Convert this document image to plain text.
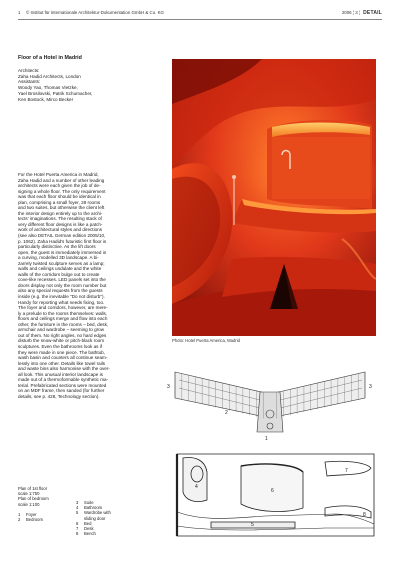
1 © Institut für internationale Architektur-Dokumentation GmbH & Co. KG	2006 ¦ 3 ¦ DETAIL
Floor of a Hotel in Madrid
Architects:
Zaha Hadid Architects, London
Assistants:
Woody Yao, Thomas Vietzke,
Yael Brosilovski, Patrik Schumacher,
Ken Bostock, Mirco Becker
For the Hotel Puerta America in Madrid,
Zaha Hadid and a number of other leading
architects were each given the job of de-
signing a whole floor. The only requirement
was that each floor should be identical in
plan, comprising a small foyer, 28 rooms
and two suites, but otherwise the client left
the interior design entirely up to the archi-
tects' imaginations. The resulting stack of
very different floor designs is like a patch-
work of architectural styles and directions
(see also DETAIL German edition 2005/10,
p. 1062). Zaha Hadid's futuristic first floor is
particularly distinctive. As the lift doors
open, the guest is immediately immersed in
a curving, modelled 3D landscape. A bi-
zarrely twisted sculpture serves as a lamp;
walls and ceilings undulate and the white
walls of the corridors bulge out to create
cove-like recesses. LED panels set into the
doors display not only the room number but
also any special requests from the guests
inside (e.g. the inevitable "Do not disturb").
Handy for reporting what needs fixing, too.
The foyer and corridors, however, are mere-
ly a prelude to the rooms themselves: walls,
floors and ceilings merge and flow into each
other, the furniture in the rooms – bed, desk,
armchair and wardrobe – seeming to grow
out of them. No right angles, no hard edges
disturb the snow-white or pitch-black room
sculptures. Even the bathrooms look as if
they were made in one piece. The bathtub,
wash basin and counters all continue seam-
lessly into one other. Details like towel rails
and waste bins also harmonise with the over-
all look. This unusual interior landscape is
made out of a thermoformable synthetic ma-
terial. Prefabricated sections were mounted
on an MDF frame, then sanded (for further
details, see p. 428, Technology section).
Photo: Hotel Puerta America, Madrid
1
2
3	3
4
5
6
7
8
Plan of 1st floor
scale 1:750
Plan of bedroom
scale 1:100
1	Foyer
2	Bedroom
3	Suite
4	Bathroom
5	Wardrobe with
sliding door
6	Bed
7	Desk
8	Bench
